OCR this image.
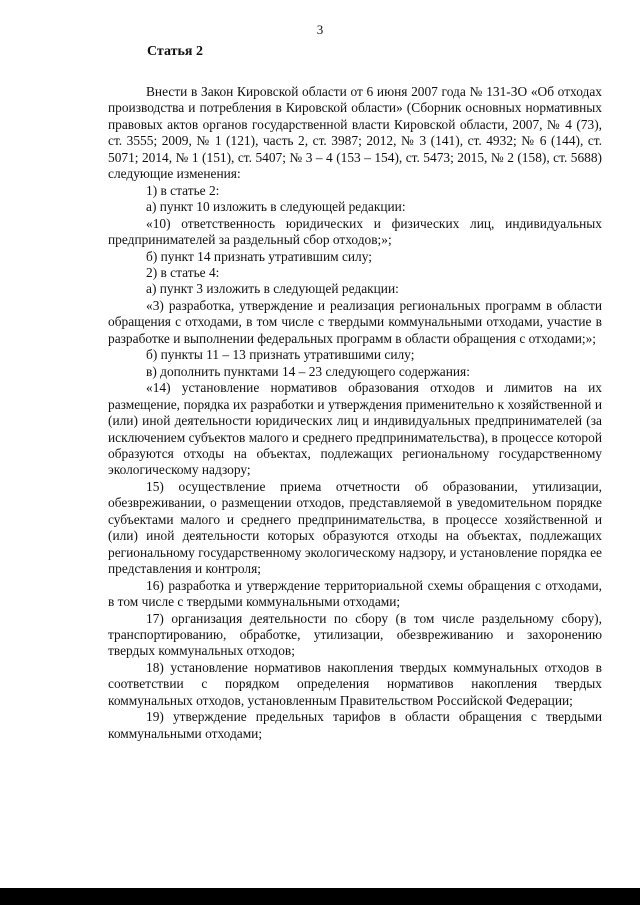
3
Статья 2

Внести в Закон Кировской области от 6 июня 2007 года № 131-ЗО «Об отходах производства и потребления в Кировской области» (Сборник основных нормативных правовых актов органов государственной власти Кировской области, 2007, № 4 (73), ст. 3555; 2009, № 1 (121), часть 2, ст. 3987; 2012, № 3 (141), ст. 4932; № 6 (144), ст. 5071; 2014, № 1 (151), ст. 5407; № 3 – 4 (153 – 154), ст. 5473; 2015, № 2 (158), ст. 5688) следующие изменения:

1) в статье 2:

а) пункт 10 изложить в следующей редакции:

«10) ответственность юридических и физических лиц, индивидуальных предпринимателей за раздельный сбор отходов;»;

б) пункт 14 признать утратившим силу;

2) в статье 4:

а) пункт 3 изложить в следующей редакции:

«3) разработка, утверждение и реализация региональных программ в области обращения с отходами, в том числе с твердыми коммунальными отходами, участие в разработке и выполнении федеральных программ в области обращения с отходами;»;

б) пункты 11 – 13 признать утратившими силу;

в) дополнить пунктами 14 – 23 следующего содержания:

«14) установление нормативов образования отходов и лимитов на их размещение, порядка их разработки и утверждения применительно к хозяйственной и (или) иной деятельности юридических лиц и индивидуальных предпринимателей (за исключением субъектов малого и среднего предпринимательства), в процессе которой образуются отходы на объектах, подлежащих региональному государственному экологическому надзору;

15) осуществление приема отчетности об образовании, утилизации, обезвреживании, о размещении отходов, представляемой в уведомительном порядке субъектами малого и среднего предпринимательства, в процессе хозяйственной и (или) иной деятельности которых образуются отходы на объектах, подлежащих региональному государственному экологическому надзору, и установление порядка ее представления и контроля;

16) разработка и утверждение территориальной схемы обращения с отходами, в том числе с твердыми коммунальными отходами;

17) организация деятельности по сбору (в том числе раздельному сбору), транспортированию, обработке, утилизации, обезвреживанию и захоронению твердых коммунальных отходов;

18) установление нормативов накопления твердых коммунальных отходов в соответствии с порядком определения нормативов накопления твердых коммунальных отходов, установленным Правительством Российской Федерации;

19) утверждение предельных тарифов в области обращения с твердыми коммунальными отходами;
